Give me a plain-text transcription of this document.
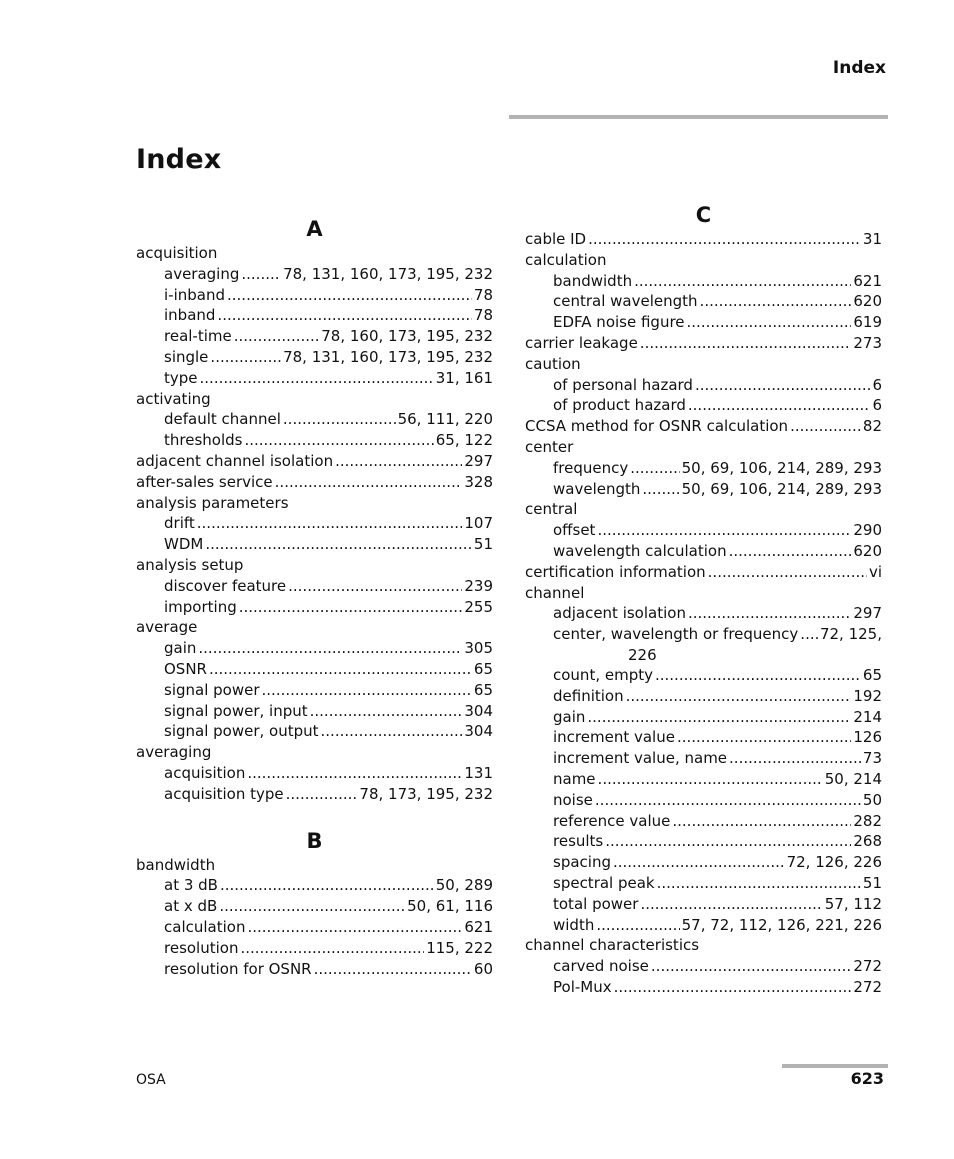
Index
Index
A
acquisition
averaging .....	78, 131, 160, 173, 195, 232
i-inband .....	78
inband .....	78
real-time .....	78, 160, 173, 195, 232
single .....	78, 131, 160, 173, 195, 232
type .....	31, 161
activating
default channel .....	56, 111, 220
thresholds .....	65, 122
adjacent channel isolation .....	297
after-sales service .....	328
analysis parameters
drift .....	107
WDM .....	51
analysis setup
discover feature .....	239
importing .....	255
average
gain .....	305
OSNR .....	65
signal power .....	65
signal power, input .....	304
signal power, output .....	304
averaging
acquisition .....	131
acquisition type .....	78, 173, 195, 232
B
bandwidth
at 3 dB .....	50, 289
at x dB .....	50, 61, 116
calculation .....	621
resolution .....	115, 222
resolution for OSNR .....	60
C
cable ID .....	31
calculation
bandwidth .....	621
central wavelength .....	620
EDFA noise figure .....	619
carrier leakage .....	273
caution
of personal hazard .....	6
of product hazard .....	6
CCSA method for OSNR calculation .....	82
center
frequency .....	50, 69, 106, 214, 289, 293
wavelength .....	50, 69, 106, 214, 289, 293
central
offset .....	290
wavelength calculation .....	620
certification information .....	vi
channel
adjacent isolation .....	297
center, wavelength or frequency ..... 72, 125,
226
count, empty .....	65
definition .....	192
gain .....	214
increment value .....	126
increment value, name .....	73
name .....	50, 214
noise .....	50
reference value .....	282
results .....	268
spacing .....	72, 126, 226
spectral peak .....	51
total power .....	57, 112
width .....	57, 72, 112, 126, 221, 226
channel characteristics
carved noise .....	272
Pol-Mux .....	272
OSA	623
